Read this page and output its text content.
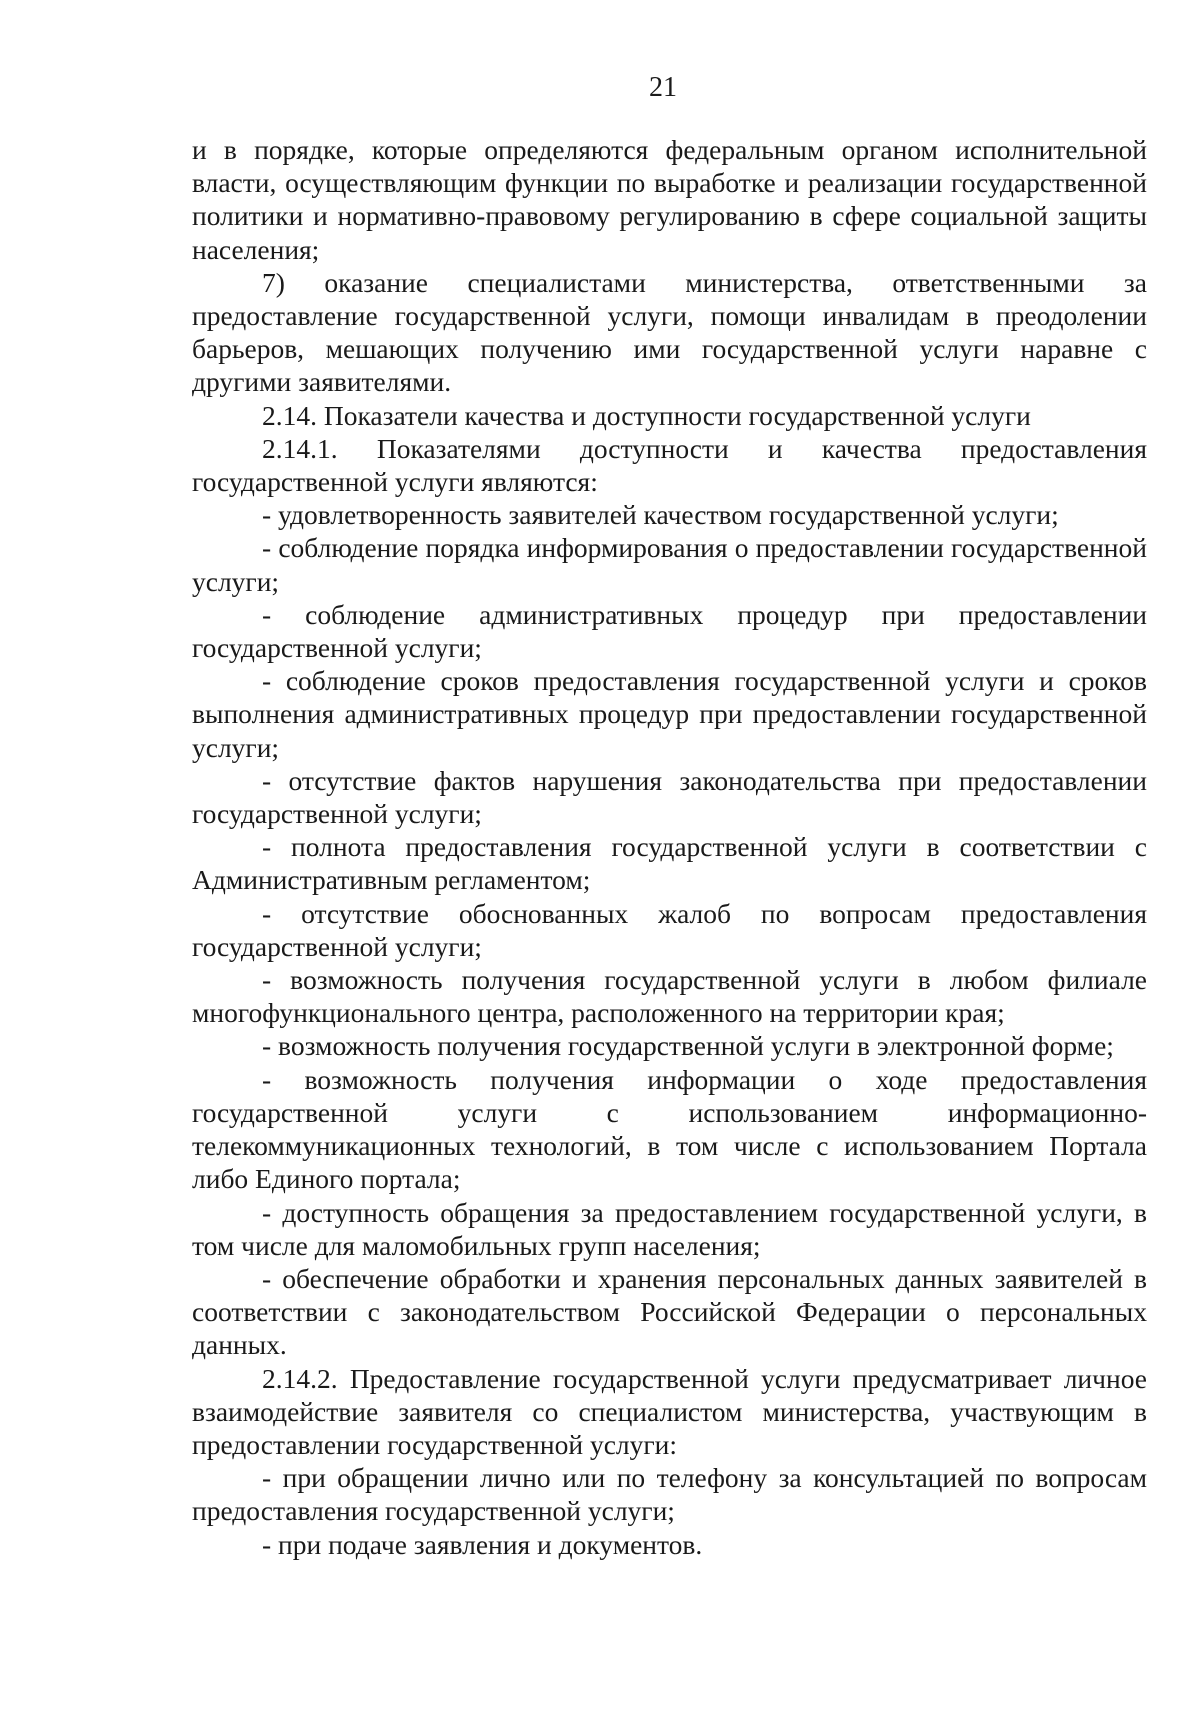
21

и в порядке, которые определяются федеральным органом исполнительной власти, осуществляющим функции по выработке и реализации государственной политики и нормативно-правовому регулированию в сфере социальной защиты населения;

7) оказание специалистами министерства, ответственными за предоставление государственной услуги, помощи инвалидам в преодолении барьеров, мешающих получению ими государственной услуги наравне с другими заявителями.

2.14. Показатели качества и доступности государственной услуги

2.14.1. Показателями доступности и качества предоставления государственной услуги являются:

- удовлетворенность заявителей качеством государственной услуги;

- соблюдение порядка информирования о предоставлении государственной услуги;

- соблюдение административных процедур при предоставлении государственной услуги;

- соблюдение сроков предоставления государственной услуги и сроков выполнения административных процедур при предоставлении государственной услуги;

- отсутствие фактов нарушения законодательства при предоставлении государственной услуги;

- полнота предоставления государственной услуги в соответствии с Административным регламентом;

- отсутствие обоснованных жалоб по вопросам предоставления государственной услуги;

- возможность получения государственной услуги в любом филиале многофункционального центра, расположенного на территории края;

- возможность получения государственной услуги в электронной форме;

- возможность получения информации о ходе предоставления государственной услуги с использованием информационно-телекоммуникационных технологий, в том числе с использованием Портала либо Единого портала;

- доступность обращения за предоставлением государственной услуги, в том числе для маломобильных групп населения;

- обеспечение обработки и хранения персональных данных заявителей в соответствии с законодательством Российской Федерации о персональных данных.

2.14.2. Предоставление государственной услуги предусматривает личное взаимодействие заявителя со специалистом министерства, участвующим в предоставлении государственной услуги:

- при обращении лично или по телефону за консультацией по вопросам предоставления государственной услуги;

- при подаче заявления и документов.
